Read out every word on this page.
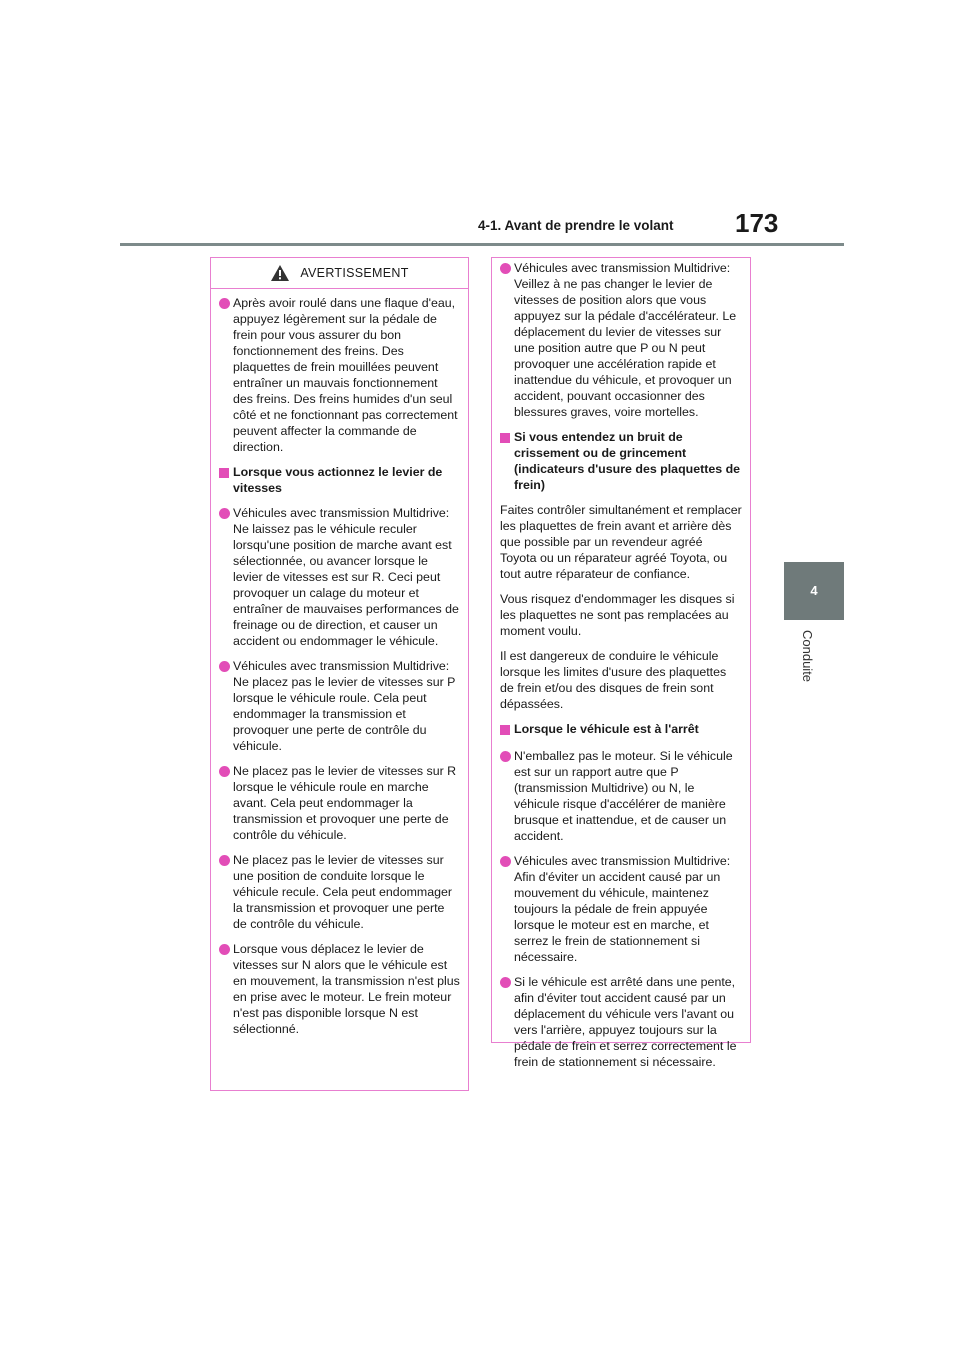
4-1. Avant de prendre le volant 173
4
Conduite
AVERTISSEMENT
Après avoir roulé dans une flaque d'eau, appuyez légèrement sur la pédale de frein pour vous assurer du bon fonctionnement des freins. Des plaquettes de frein mouillées peuvent entraîner un mauvais fonctionnement des freins. Des freins humides d'un seul côté et ne fonctionnant pas correctement peuvent affecter la commande de direction.
Lorsque vous actionnez le levier de vitesses
Véhicules avec transmission Multidrive: Ne laissez pas le véhicule reculer lorsqu'une position de marche avant est sélectionnée, ou avancer lorsque le levier de vitesses est sur R. Ceci peut provoquer un calage du moteur et entraîner de mauvaises performances de freinage ou de direction, et causer un accident ou endommager le véhicule.
Véhicules avec transmission Multidrive: Ne placez pas le levier de vitesses sur P lorsque le véhicule roule. Cela peut endommager la transmission et provoquer une perte de contrôle du véhicule.
Ne placez pas le levier de vitesses sur R lorsque le véhicule roule en marche avant. Cela peut endommager la transmission et provoquer une perte de contrôle du véhicule.
Ne placez pas le levier de vitesses sur une position de conduite lorsque le véhicule recule. Cela peut endommager la transmission et provoquer une perte de contrôle du véhicule.
Lorsque vous déplacez le levier de vitesses sur N alors que le véhicule est en mouvement, la transmission n'est plus en prise avec le moteur. Le frein moteur n'est pas disponible lorsque N est sélectionné.
Véhicules avec transmission Multidrive: Veillez à ne pas changer le levier de vitesses de position alors que vous appuyez sur la pédale d'accélérateur. Le déplacement du levier de vitesses sur une position autre que P ou N peut provoquer une accélération rapide et inattendue du véhicule, et provoquer un accident, pouvant occasionner des blessures graves, voire mortelles.
Si vous entendez un bruit de crissement ou de grincement (indicateurs d'usure des plaquettes de frein)

Faites contrôler simultanément et remplacer les plaquettes de frein avant et arrière dès que possible par un revendeur agréé Toyota ou un réparateur agréé Toyota, ou tout autre réparateur de confiance.

Vous risquez d'endommager les disques si les plaquettes ne sont pas remplacées au moment voulu.

Il est dangereux de conduire le véhicule lorsque les limites d'usure des plaquettes de frein et/ou des disques de frein sont dépassées.

Lorsque le véhicule est à l'arrêt
N'emballez pas le moteur. Si le véhicule est sur un rapport autre que P (transmission Multidrive) ou N, le véhicule risque d'accélérer de manière brusque et inattendue, et de causer un accident.
Véhicules avec transmission Multidrive: Afin d'éviter un accident causé par un mouvement du véhicule, maintenez toujours la pédale de frein appuyée lorsque le moteur est en marche, et serrez le frein de stationnement si nécessaire.
Si le véhicule est arrêté dans une pente, afin d'éviter tout accident causé par un déplacement du véhicule vers l'avant ou vers l'arrière, appuyez toujours sur la pédale de frein et serrez correctement le frein de stationnement si nécessaire.
